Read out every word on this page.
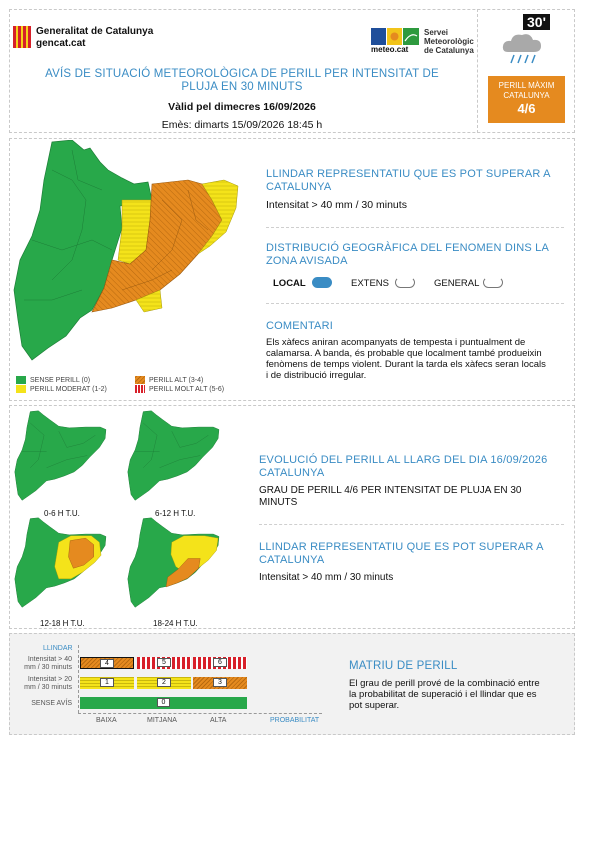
Generalitat de Catalunya
gencat.cat
meteo.cat
Servei
Meteorològic
de Catalunya
AVÍS DE SITUACIÓ METEOROLÒGICA DE PERILL PER INTENSITAT DE
PLUJA EN 30 MINUTS
Vàlid pel dimecres 16/09/2026
Emès: dimarts 15/09/2026 18:45 h
30'
PERILL MÀXIM
CATALUNYA
4/6
SENSE PERILL (0)
PERILL MODERAT (1-2)
PERILL ALT (3-4)
PERILL MOLT ALT (5-6)
LLINDAR REPRESENTATIU QUE ES POT SUPERAR A
CATALUNYA
Intensitat > 40 mm / 30 minuts
DISTRIBUCIÓ GEOGRÀFICA DEL FENOMEN DINS LA
ZONA AVISADA
LOCAL	EXTENS	GENERAL
COMENTARI
Els xàfecs aniran acompanyats de tempesta i puntualment de
calamarsa. A banda, és probable que localment també produeixin
fenòmens de temps violent. Durant la tarda els xàfecs seran locals
i de distribució irregular.
0-6 H T.U.	6-12 H T.U.
12-18 H T.U.	18-24 H T.U.
EVOLUCIÓ DEL PERILL AL LLARG DEL DIA 16/09/2026
CATALUNYA
GRAU DE PERILL 4/6 PER INTENSITAT DE PLUJA EN 30
MINUTS
LLINDAR REPRESENTATIU QUE ES POT SUPERAR A
CATALUNYA
Intensitat > 40 mm / 30 minuts
LLINDAR
Intensitat > 40
mm / 30 minuts
Intensitat > 20
mm / 30 minuts
SENSE AVÍS
4	5	6
1	2	3
0
BAIXA	MITJANA	ALTA	PROBABILITAT
MATRIU DE PERILL
El grau de perill prové de la combinació entre
la probabilitat de superació i el llindar que es
pot superar.
